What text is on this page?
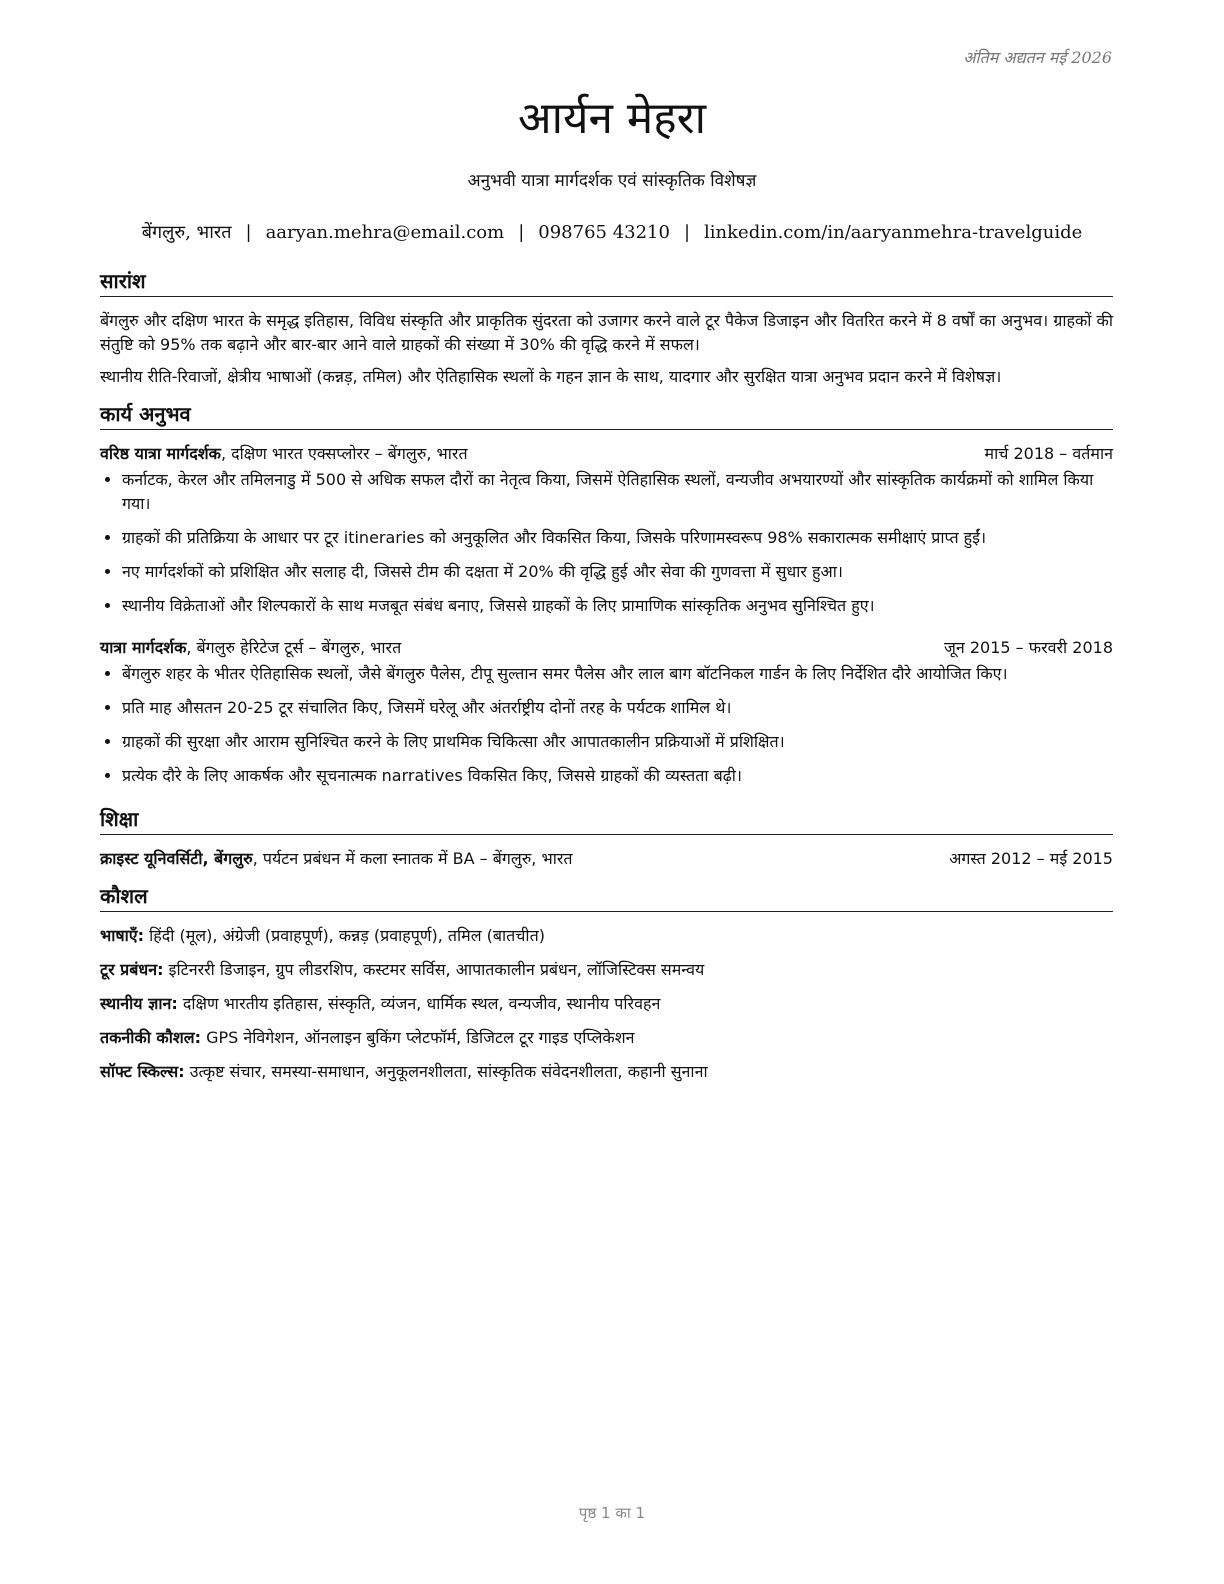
अंतिम अद्यतन मई 2026
आर्यन मेहरा
अनुभवी यात्रा मार्गदर्शक एवं सांस्कृतिक विशेषज्ञ
बेंगलुरु, भारत | aaryan.mehra@email.com | 098765 43210 | linkedin.com/in/aaryanmehra-travelguide
सारांश

बेंगलुरु और दक्षिण भारत के समृद्ध इतिहास, विविध संस्कृति और प्राकृतिक सुंदरता को उजागर करने वाले टूर पैकेज डिजाइन और वितरित करने में 8 वर्षों का अनुभव। ग्राहकों की संतुष्टि को 95% तक बढ़ाने और बार-बार आने वाले ग्राहकों की संख्या में 30% की वृद्धि करने में सफल।

स्थानीय रीति-रिवाजों, क्षेत्रीय भाषाओं (कन्नड़, तमिल) और ऐतिहासिक स्थलों के गहन ज्ञान के साथ, यादगार और सुरक्षित यात्रा अनुभव प्रदान करने में विशेषज्ञ।

कार्य अनुभव
वरिष्ठ यात्रा मार्गदर्शक, दक्षिण भारत एक्सप्लोरर – बेंगलुरु, भारत	मार्च 2018 – वर्तमान
• कर्नाटक, केरल और तमिलनाडु में 500 से अधिक सफल दौरों का नेतृत्व किया, जिसमें ऐतिहासिक स्थलों, वन्यजीव अभयारण्यों और सांस्कृतिक कार्यक्रमों को शामिल किया गया।
• ग्राहकों की प्रतिक्रिया के आधार पर टूर itineraries को अनुकूलित और विकसित किया, जिसके परिणामस्वरूप 98% सकारात्मक समीक्षाएं प्राप्त हुईं।
• नए मार्गदर्शकों को प्रशिक्षित और सलाह दी, जिससे टीम की दक्षता में 20% की वृद्धि हुई और सेवा की गुणवत्ता में सुधार हुआ।
• स्थानीय विक्रेताओं और शिल्पकारों के साथ मजबूत संबंध बनाए, जिससे ग्राहकों के लिए प्रामाणिक सांस्कृतिक अनुभव सुनिश्चित हुए।
यात्रा मार्गदर्शक, बेंगलुरु हेरिटेज टूर्स – बेंगलुरु, भारत	जून 2015 – फरवरी 2018
• बेंगलुरु शहर के भीतर ऐतिहासिक स्थलों, जैसे बेंगलुरु पैलेस, टीपू सुल्तान समर पैलेस और लाल बाग बॉटनिकल गार्डन के लिए निर्देशित दौरे आयोजित किए।
• प्रति माह औसतन 20-25 टूर संचालित किए, जिसमें घरेलू और अंतर्राष्ट्रीय दोनों तरह के पर्यटक शामिल थे।
• ग्राहकों की सुरक्षा और आराम सुनिश्चित करने के लिए प्राथमिक चिकित्सा और आपातकालीन प्रक्रियाओं में प्रशिक्षित।
• प्रत्येक दौरे के लिए आकर्षक और सूचनात्मक narratives विकसित किए, जिससे ग्राहकों की व्यस्तता बढ़ी।
शिक्षा
क्राइस्ट यूनिवर्सिटी, बेंगलुरु, पर्यटन प्रबंधन में कला स्नातक में BA – बेंगलुरु, भारत	अगस्त 2012 – मई 2015
कौशल
भाषाएँ: हिंदी (मूल), अंग्रेजी (प्रवाहपूर्ण), कन्नड़ (प्रवाहपूर्ण), तमिल (बातचीत)
टूर प्रबंधन: इटिनररी डिजाइन, ग्रुप लीडरशिप, कस्टमर सर्विस, आपातकालीन प्रबंधन, लॉजिस्टिक्स समन्वय
स्थानीय ज्ञान: दक्षिण भारतीय इतिहास, संस्कृति, व्यंजन, धार्मिक स्थल, वन्यजीव, स्थानीय परिवहन
तकनीकी कौशल: GPS नेविगेशन, ऑनलाइन बुकिंग प्लेटफॉर्म, डिजिटल टूर गाइड एप्लिकेशन
सॉफ्ट स्किल्स: उत्कृष्ट संचार, समस्या-समाधान, अनुकूलनशीलता, सांस्कृतिक संवेदनशीलता, कहानी सुनाना
पृष्ठ 1 का 1
